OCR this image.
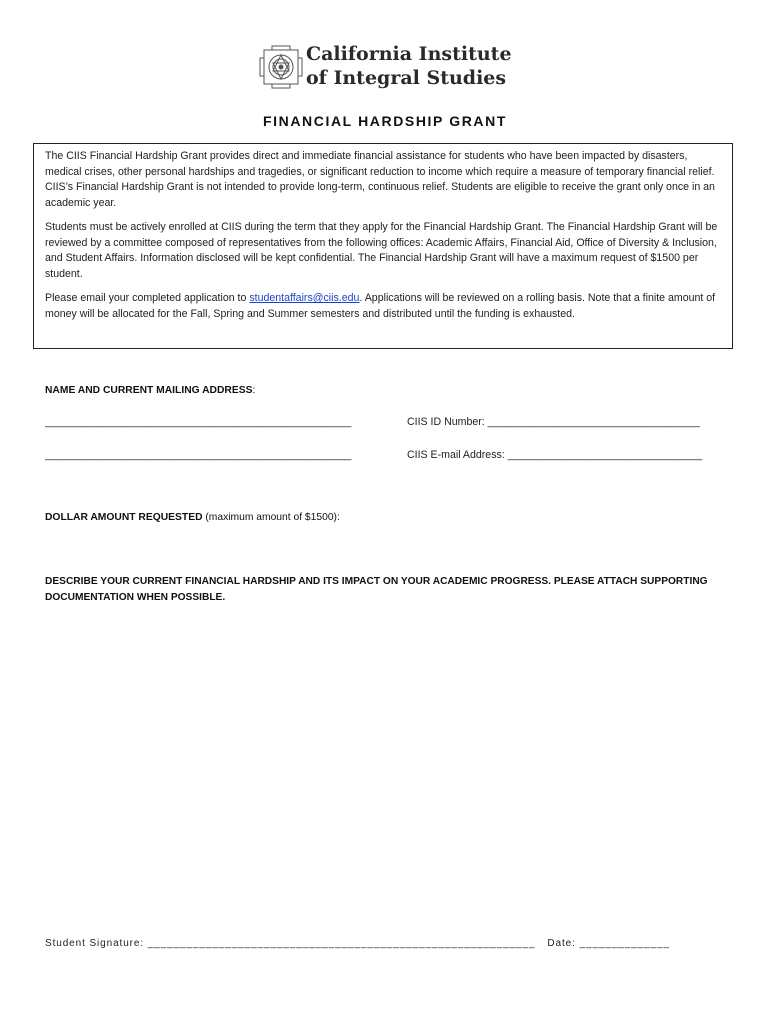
California Institute
of Integral Studies
FINANCIAL HARDSHIP GRANT

The CIIS Financial Hardship Grant provides direct and immediate financial assistance for students who have been impacted by disasters, medical crises, other personal hardships and tragedies, or significant reduction to income which require a measure of temporary financial relief. CIIS’s Financial Hardship Grant is not intended to provide long-term, continuous relief. Students are eligible to receive the grant only once in an academic year.

Students must be actively enrolled at CIIS during the term that they apply for the Financial Hardship Grant. The Financial Hardship Grant will be reviewed by a committee composed of representatives from the following offices: Academic Affairs, Financial Aid, Office of Diversity & Inclusion, and Student Affairs. Information disclosed will be kept confidential. The Financial Hardship Grant will have a maximum request of $1500 per student.

Please email your completed application to studentaffairs@ciis.edu. Applications will be reviewed on a rolling basis. Note that a finite amount of money will be allocated for the Fall, Spring and Summer semesters and distributed until the funding is exhausted.

NAME AND CURRENT MAILING ADDRESS:
____________________________________________________	CIIS ID Number: ____________________________________
____________________________________________________	CIIS E-mail Address: _________________________________
DOLLAR AMOUNT REQUESTED (maximum amount of $1500):
DESCRIBE YOUR CURRENT FINANCIAL HARDSHIP AND ITS IMPACT ON YOUR ACADEMIC PROGRESS. PLEASE ATTACH SUPPORTING DOCUMENTATION WHEN POSSIBLE.
Student Signature: ____________________________________________________________ Date: ______________
